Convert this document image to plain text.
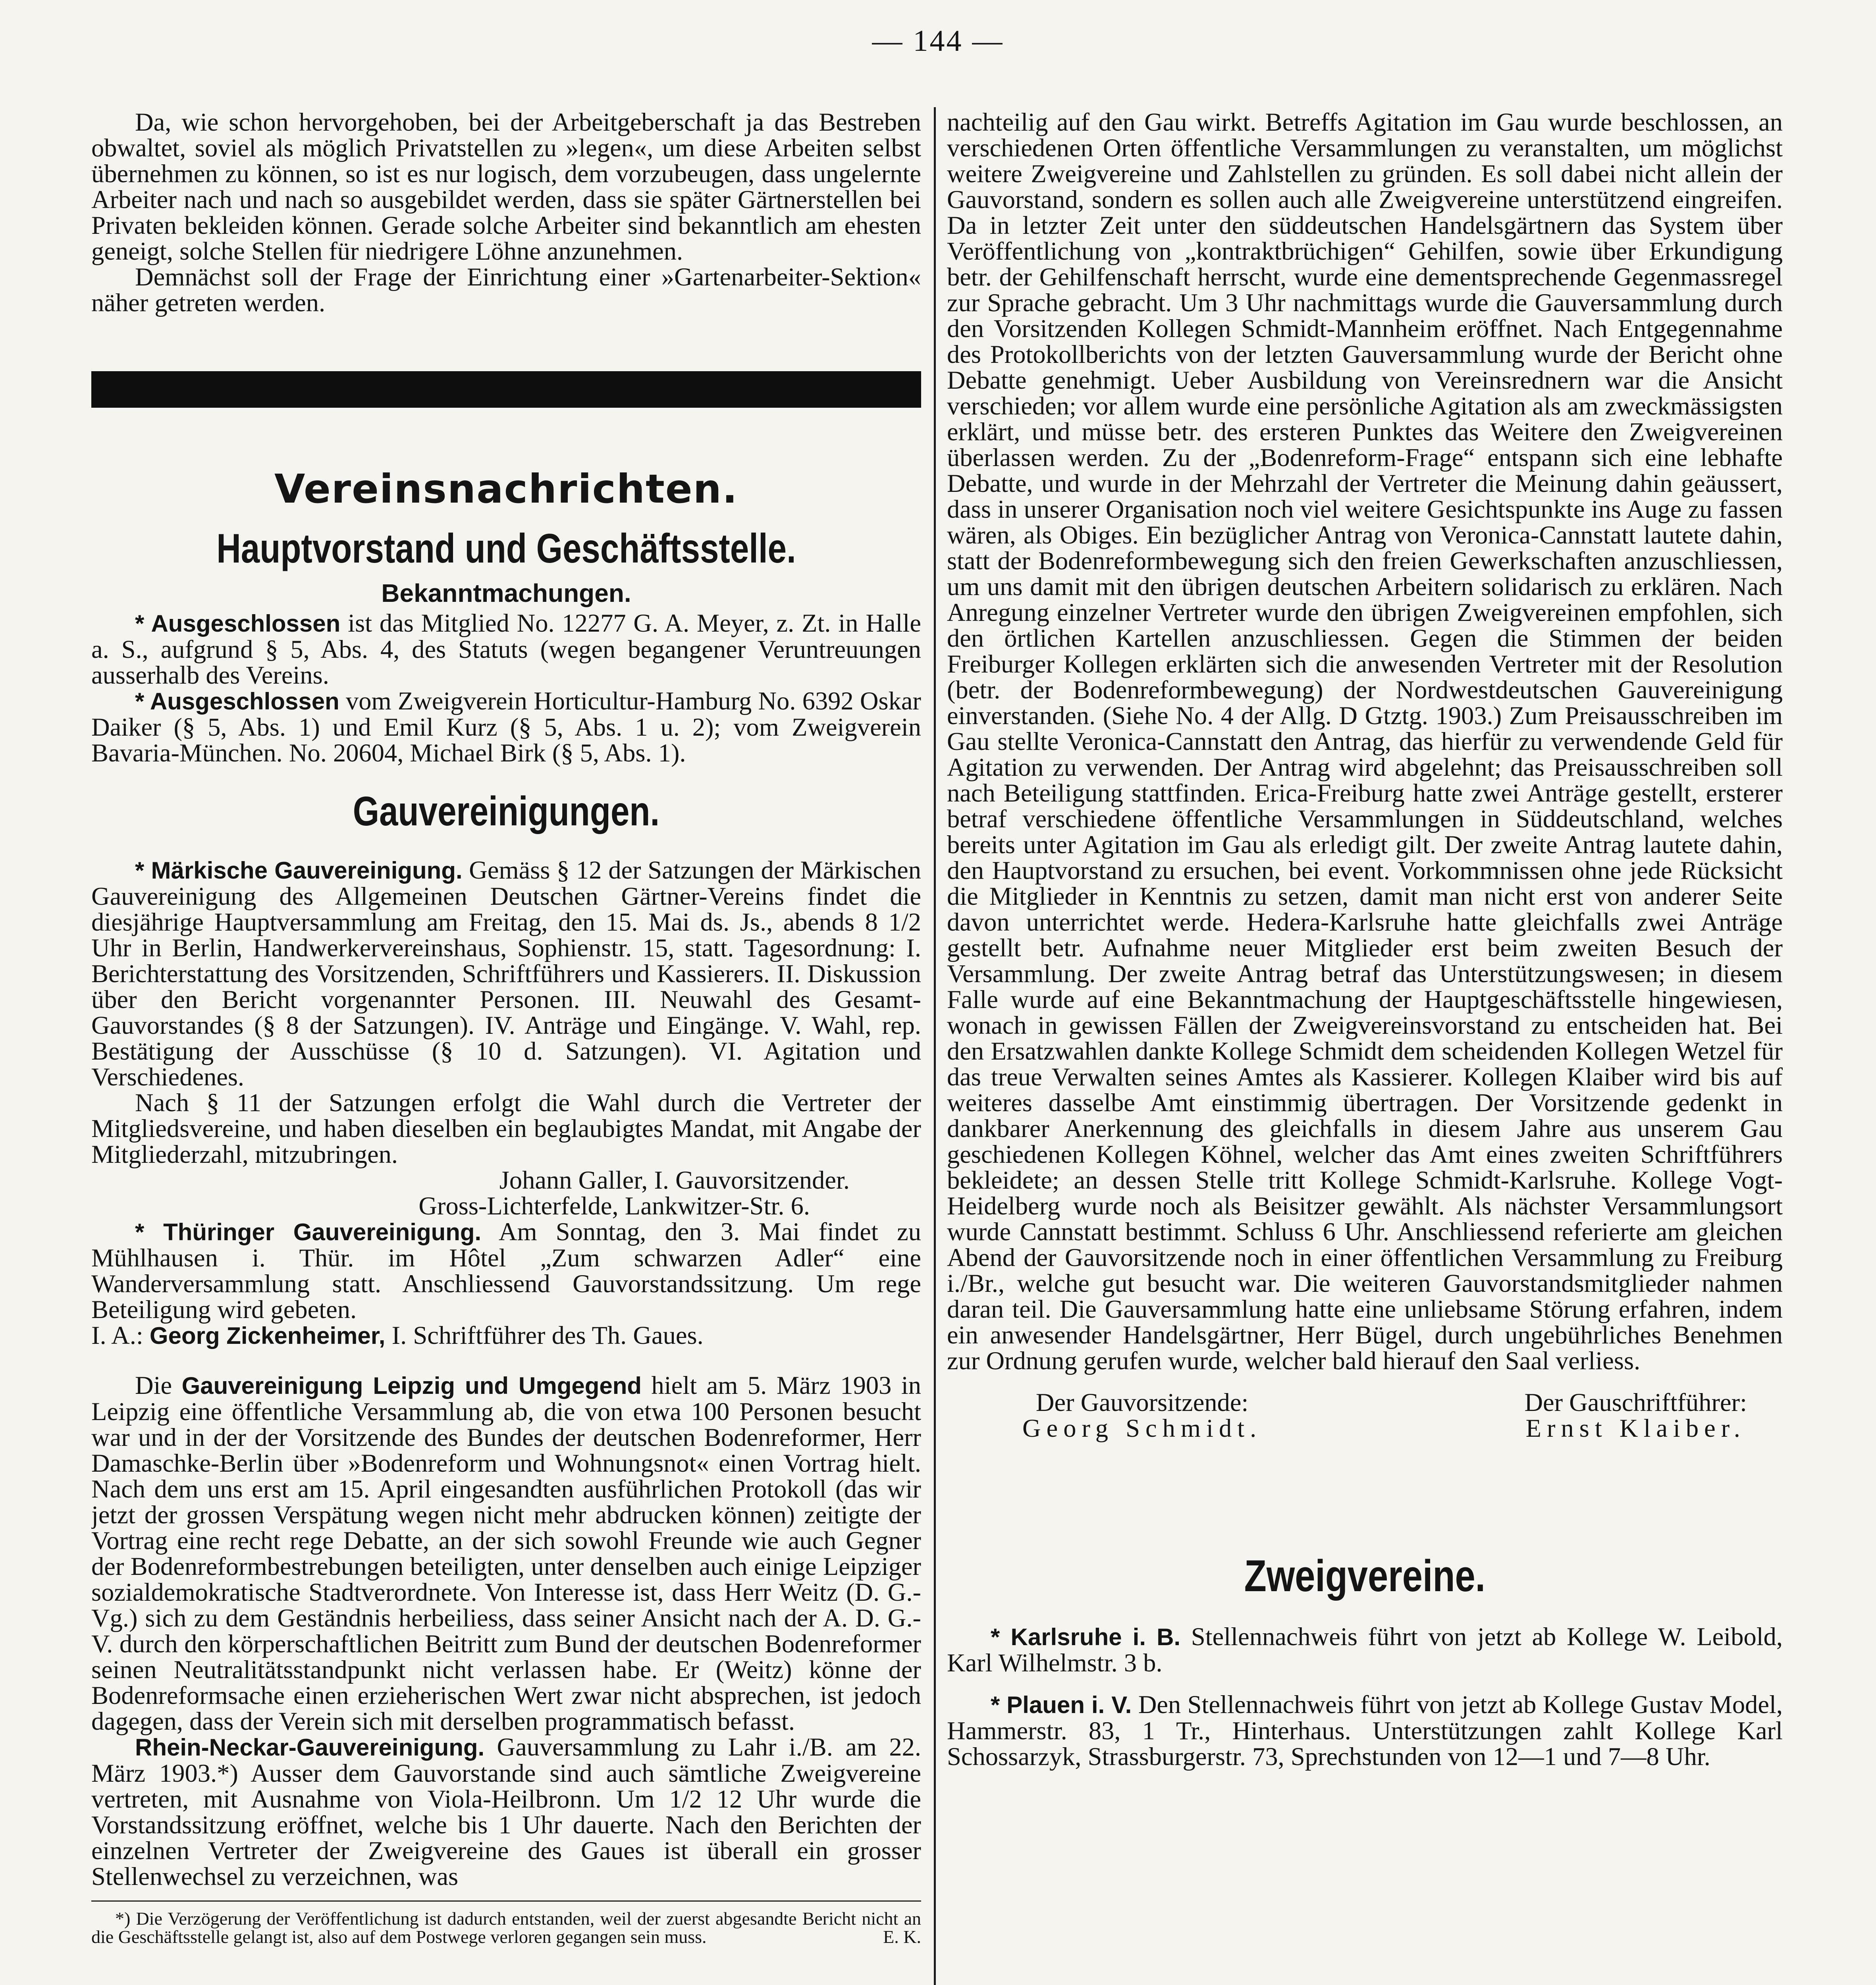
— 144 —

Da, wie schon hervorgehoben, bei der Arbeitgeberschaft ja das Bestreben obwaltet, soviel als möglich Privatstellen zu »legen«, um diese Arbeiten selbst übernehmen zu können, so ist es nur logisch, dem vorzubeugen, dass ungelernte Arbeiter nach und nach so ausgebildet werden, dass sie später Gärtnerstellen bei Privaten bekleiden können. Gerade solche Arbeiter sind bekanntlich am ehesten geneigt, solche Stellen für niedrigere Löhne anzunehmen.

Demnächst soll der Frage der Einrichtung einer »Gartenarbeiter-Sektion« näher getreten werden.

Vereinsnachrichten.
Hauptvorstand und Geschäftsstelle.
Bekanntmachungen.

* Ausgeschlossen ist das Mitglied No. 12277 G. A. Meyer, z. Zt. in Halle a. S., aufgrund § 5, Abs. 4, des Statuts (wegen begangener Veruntreuungen ausserhalb des Vereins.

* Ausgeschlossen vom Zweigverein Horticultur-Hamburg No. 6392 Oskar Daiker (§ 5, Abs. 1) und Emil Kurz (§ 5, Abs. 1 u. 2); vom Zweigverein Bavaria-München. No. 20604, Michael Birk (§ 5, Abs. 1).

Gauvereinigungen.

* Märkische Gauvereinigung. Gemäss § 12 der Satzungen der Märkischen Gauvereinigung des Allgemeinen Deutschen Gärtner-Vereins findet die diesjährige Hauptversammlung am Freitag, den 15. Mai ds. Js., abends 8 1/2 Uhr in Berlin, Handwerkervereinshaus, Sophienstr. 15, statt. Tagesordnung: I. Berichterstattung des Vorsitzenden, Schriftführers und Kassierers. II. Diskussion über den Bericht vorgenannter Personen. III. Neuwahl des Gesamt-Gauvorstandes (§ 8 der Satzungen). IV. Anträge und Eingänge. V. Wahl, rep. Bestätigung der Ausschüsse (§ 10 d. Satzungen). VI. Agitation und Verschiedenes.

Nach § 11 der Satzungen erfolgt die Wahl durch die Vertreter der Mitgliedsvereine, und haben dieselben ein beglaubigtes Mandat, mit Angabe der Mitgliederzahl, mitzubringen.

Johann Galler, I. Gauvorsitzender.

Gross-Lichterfelde, Lankwitzer-Str. 6.

* Thüringer Gauvereinigung. Am Sonntag, den 3. Mai findet zu Mühlhausen i. Thür. im Hôtel „Zum schwarzen Adler“ eine Wanderversammlung statt. Anschliessend Gauvorstandssitzung. Um rege Beteiligung wird gebeten.

I. A.: Georg Zickenheimer, I. Schriftführer des Th. Gaues.

Die Gauvereinigung Leipzig und Umgegend hielt am 5. März 1903 in Leipzig eine öffentliche Versammlung ab, die von etwa 100 Personen besucht war und in der der Vorsitzende des Bundes der deutschen Bodenreformer, Herr Damaschke-Berlin über »Bodenreform und Wohnungsnot« einen Vortrag hielt. Nach dem uns erst am 15. April eingesandten ausführlichen Protokoll (das wir jetzt der grossen Verspätung wegen nicht mehr abdrucken können) zeitigte der Vortrag eine recht rege Debatte, an der sich sowohl Freunde wie auch Gegner der Bodenreformbestrebungen beteiligten, unter denselben auch einige Leipziger sozialdemokratische Stadtverordnete. Von Interesse ist, dass Herr Weitz (D. G.-Vg.) sich zu dem Geständnis herbeiliess, dass seiner Ansicht nach der A. D. G.-V. durch den körperschaftlichen Beitritt zum Bund der deutschen Bodenreformer seinen Neutralitätsstandpunkt nicht verlassen habe. Er (Weitz) könne der Bodenreformsache einen erzieherischen Wert zwar nicht absprechen, ist jedoch dagegen, dass der Verein sich mit derselben programmatisch befasst.

Rhein-Neckar-Gauvereinigung. Gauversammlung zu Lahr i./B. am 22. März 1903.*) Ausser dem Gauvorstande sind auch sämtliche Zweigvereine vertreten, mit Ausnahme von Viola-Heilbronn. Um 1/2 12 Uhr wurde die Vorstandssitzung eröffnet, welche bis 1 Uhr dauerte. Nach den Berichten der einzelnen Vertreter der Zweigvereine des Gaues ist überall ein grosser Stellenwechsel zu verzeichnen, was

*) Die Verzögerung der Veröffentlichung ist dadurch entstanden, weil der zuerst abgesandte Bericht nicht an die Geschäftsstelle gelangt ist, also auf dem Postwege verloren gegangen sein muss.	E. K.

nachteilig auf den Gau wirkt. Betreffs Agitation im Gau wurde beschlossen, an verschiedenen Orten öffentliche Versammlungen zu veranstalten, um möglichst weitere Zweigvereine und Zahlstellen zu gründen. Es soll dabei nicht allein der Gauvorstand, sondern es sollen auch alle Zweigvereine unterstützend eingreifen. Da in letzter Zeit unter den süddeutschen Handelsgärtnern das System über Veröffentlichung von „kontraktbrüchigen“ Gehilfen, sowie über Erkundigung betr. der Gehilfenschaft herrscht, wurde eine dementsprechende Gegenmassregel zur Sprache gebracht. Um 3 Uhr nachmittags wurde die Gauversammlung durch den Vorsitzenden Kollegen Schmidt-Mannheim eröffnet. Nach Entgegennahme des Protokollberichts von der letzten Gauversammlung wurde der Bericht ohne Debatte genehmigt. Ueber Ausbildung von Vereinsrednern war die Ansicht verschieden; vor allem wurde eine persönliche Agitation als am zweckmässigsten erklärt, und müsse betr. des ersteren Punktes das Weitere den Zweigvereinen überlassen werden. Zu der „Bodenreform-Frage“ entspann sich eine lebhafte Debatte, und wurde in der Mehrzahl der Vertreter die Meinung dahin geäussert, dass in unserer Organisation noch viel weitere Gesichtspunkte ins Auge zu fassen wären, als Obiges. Ein bezüglicher Antrag von Veronica-Cannstatt lautete dahin, statt der Bodenreformbewegung sich den freien Gewerkschaften anzuschliessen, um uns damit mit den übrigen deutschen Arbeitern solidarisch zu erklären. Nach Anregung einzelner Vertreter wurde den übrigen Zweigvereinen empfohlen, sich den örtlichen Kartellen anzuschliessen. Gegen die Stimmen der beiden Freiburger Kollegen erklärten sich die anwesenden Vertreter mit der Resolution (betr. der Bodenreformbewegung) der Nordwestdeutschen Gauvereinigung einverstanden. (Siehe No. 4 der Allg. D Gtztg. 1903.) Zum Preisausschreiben im Gau stellte Veronica-Cannstatt den Antrag, das hierfür zu verwendende Geld für Agitation zu verwenden. Der Antrag wird abgelehnt; das Preisausschreiben soll nach Beteiligung stattfinden. Erica-Freiburg hatte zwei Anträge gestellt, ersterer betraf verschiedene öffentliche Versammlungen in Süddeutschland, welches bereits unter Agitation im Gau als erledigt gilt. Der zweite Antrag lautete dahin, den Hauptvorstand zu ersuchen, bei event. Vorkommnissen ohne jede Rücksicht die Mitglieder in Kenntnis zu setzen, damit man nicht erst von anderer Seite davon unterrichtet werde. Hedera-Karlsruhe hatte gleichfalls zwei Anträge gestellt betr. Aufnahme neuer Mitglieder erst beim zweiten Besuch der Versammlung. Der zweite Antrag betraf das Unterstützungswesen; in diesem Falle wurde auf eine Bekanntmachung der Hauptgeschäftsstelle hingewiesen, wonach in gewissen Fällen der Zweigvereinsvorstand zu entscheiden hat. Bei den Ersatzwahlen dankte Kollege Schmidt dem scheidenden Kollegen Wetzel für das treue Verwalten seines Amtes als Kassierer. Kollegen Klaiber wird bis auf weiteres dasselbe Amt einstimmig übertragen. Der Vorsitzende gedenkt in dankbarer Anerkennung des gleichfalls in diesem Jahre aus unserem Gau geschiedenen Kollegen Köhnel, welcher das Amt eines zweiten Schriftführers bekleidete; an dessen Stelle tritt Kollege Schmidt-Karlsruhe. Kollege Vogt-Heidelberg wurde noch als Beisitzer gewählt. Als nächster Versammlungsort wurde Cannstatt bestimmt. Schluss 6 Uhr. Anschliessend referierte am gleichen Abend der Gauvorsitzende noch in einer öffentlichen Versammlung zu Freiburg i./Br., welche gut besucht war. Die weiteren Gauvorstandsmitglieder nahmen daran teil. Die Gauversammlung hatte eine unliebsame Störung erfahren, indem ein anwesender Handelsgärtner, Herr Bügel, durch ungebührliches Benehmen zur Ordnung gerufen wurde, welcher bald hierauf den Saal verliess.

Der Gauvorsitzende:
Georg Schmidt.
Der Gauschriftführer:
Ernst Klaiber.
Zweigvereine.

* Karlsruhe i. B. Stellennachweis führt von jetzt ab Kollege W. Leibold, Karl Wilhelmstr. 3 b.

* Plauen i. V. Den Stellennachweis führt von jetzt ab Kollege Gustav Model, Hammerstr. 83, 1 Tr., Hinterhaus. Unterstützungen zahlt Kollege Karl Schossarzyk, Strassburgerstr. 73, Sprechstunden von 12—1 und 7—8 Uhr.
